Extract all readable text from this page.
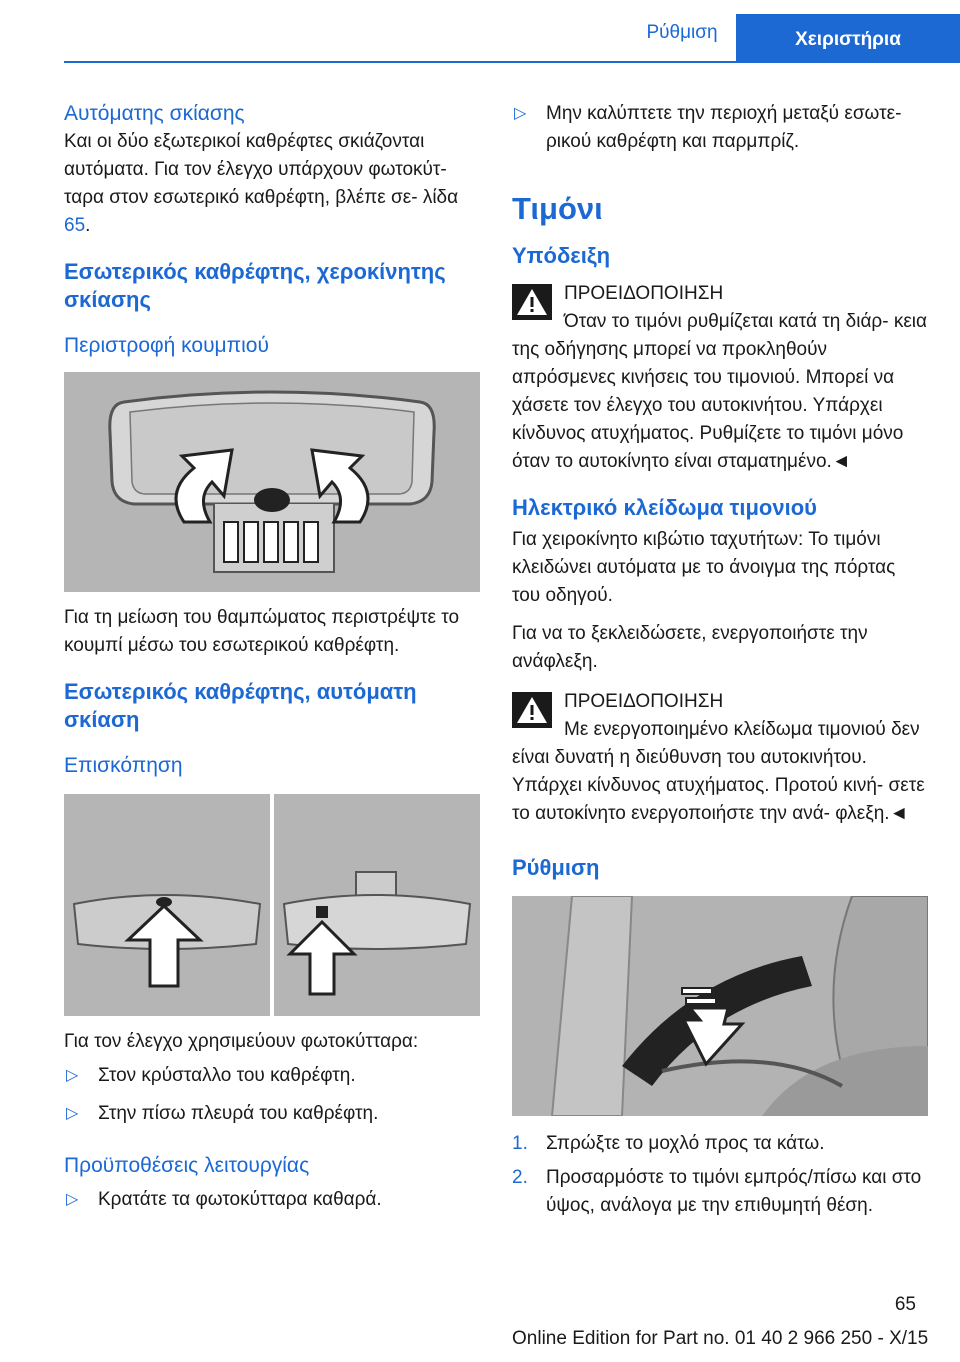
Ρύθμιση	Χειριστήρια
Αυτόματης σκίασης

Και οι δύο εξωτερικοί καθρέφτες σκιάζονται αυτόματα. Για τον έλεγχο υπάρχουν φωτοκύτ- ταρα στον εσωτερικό καθρέφτη, βλέπε σε- λίδα 65.

Εσωτερικός καθρέφτης, χεροκίνητης σκίασης
Περιστροφή κουμπιού

Για τη μείωση του θαμπώματος περιστρέψτε το κουμπί μέσω του εσωτερικού καθρέφτη.

Εσωτερικός καθρέφτης, αυτόματη σκίαση
Επισκόπηση

Για τον έλεγχο χρησιμεύουν φωτοκύτταρα:

▷ Στον κρύσταλλο του καθρέφτη.
▷ Στην πίσω πλευρά του καθρέφτη.
Προϋποθέσεις λειτουργίας
▷ Κρατάτε τα φωτοκύτταρα καθαρά.
▷ Μην καλύπτετε την περιοχή μεταξύ εσωτε- ρικού καθρέφτη και παρμπρίζ.
Τιμόνι
Υπόδειξη

ΠΡΟΕΙΔΟΠΟΙΗΣΗ

Όταν το τιμόνι ρυθμίζεται κατά τη διάρ- κεια της οδήγησης μπορεί να προκληθούν απρόσμενες κινήσεις του τιμονιού. Μπορεί να χάσετε τον έλεγχο του αυτοκινήτου. Υπάρχει κίνδυνος ατυχήματος. Ρυθμίζετε το τιμόνι μόνο όταν το αυτοκίνητο είναι σταματημένο.◄

Ηλεκτρικό κλείδωμα τιμονιού

Για χειροκίνητο κιβώτιο ταχυτήτων: Το τιμόνι κλειδώνει αυτόματα με το άνοιγμα της πόρτας του οδηγού.

Για να το ξεκλειδώσετε, ενεργοποιήστε την ανάφλεξη.

ΠΡΟΕΙΔΟΠΟΙΗΣΗ

Με ενεργοποιημένο κλείδωμα τιμονιού δεν είναι δυνατή η διεύθυνση του αυτοκινήτου. Υπάρχει κίνδυνος ατυχήματος. Προτού κινή- σετε το αυτοκίνητο ενεργοποιήστε την ανά- φλεξη.◄

Ρύθμιση
1. Σπρώξτε το μοχλό προς τα κάτω.
2. Προσαρμόστε το τιμόνι εμπρός/πίσω και στο ύψος, ανάλογα με την επιθυμητή θέση.
65
Online Edition for Part no. 01 40 2 966 250 - X/15
